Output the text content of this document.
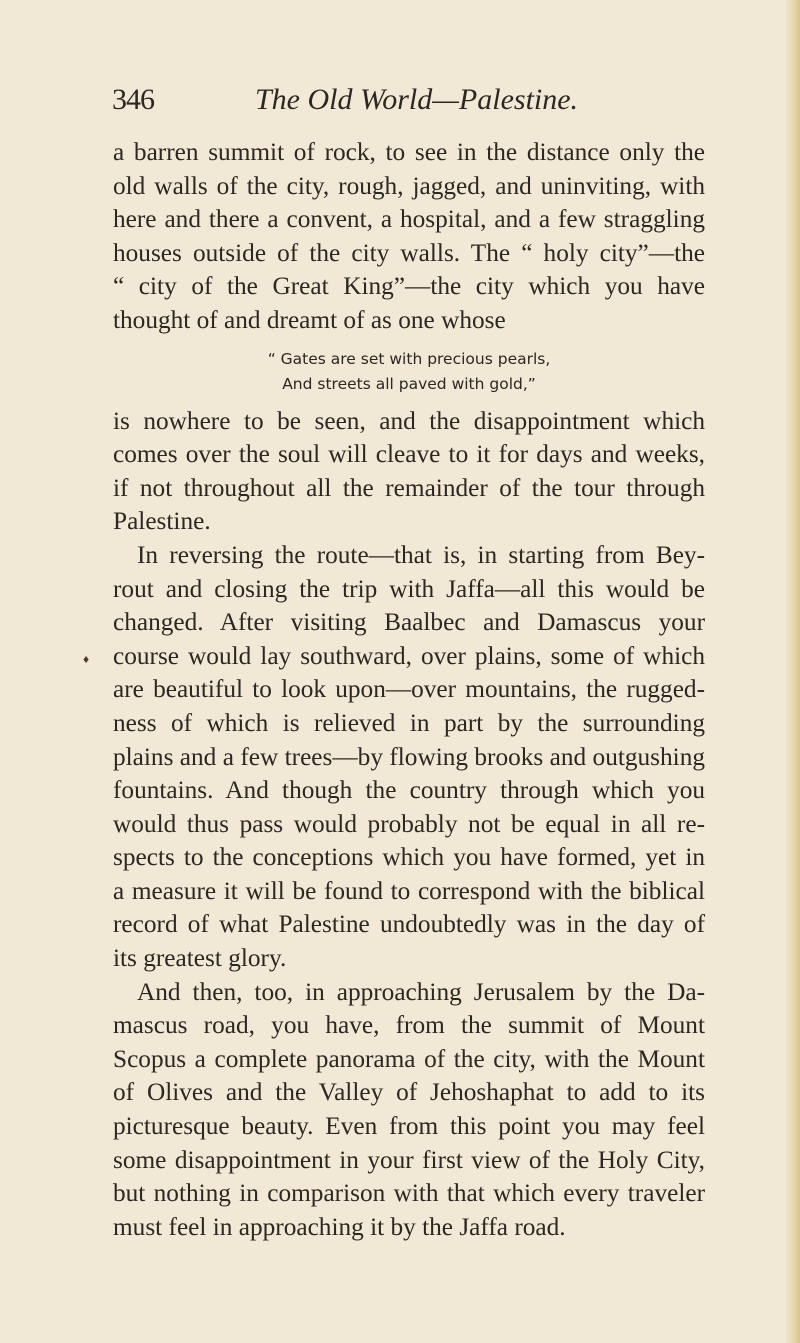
346	The Old World—Palestine.
♦
a barren summit of rock, to see in the distance only the
old walls of the city, rough, jagged, and uninviting, with
here and there a convent, a hospital, and a few straggling
houses outside of the city walls. The “ holy city”—the
“ city of the Great King”—the city which you have
thought of and dreamt of as one whose
“ Gates are set with precious pearls,
And streets all paved with gold,”
is nowhere to be seen, and the disappointment which
comes over the soul will cleave to it for days and weeks,
if not throughout all the remainder of the tour through
Palestine.
In reversing the route—that is, in starting from Bey-
rout and closing the trip with Jaffa—all this would be
changed. After visiting Baalbec and Damascus your
course would lay southward, over plains, some of which
are beautiful to look upon—over mountains, the rugged-
ness of which is relieved in part by the surrounding
plains and a few trees—by flowing brooks and outgushing
fountains. And though the country through which you
would thus pass would probably not be equal in all re-
spects to the conceptions which you have formed, yet in
a measure it will be found to correspond with the biblical
record of what Palestine undoubtedly was in the day of
its greatest glory.
And then, too, in approaching Jerusalem by the Da-
mascus road, you have, from the summit of Mount
Scopus a complete panorama of the city, with the Mount
of Olives and the Valley of Jehoshaphat to add to its
picturesque beauty. Even from this point you may feel
some disappointment in your first view of the Holy City,
but nothing in comparison with that which every traveler
must feel in approaching it by the Jaffa road.
